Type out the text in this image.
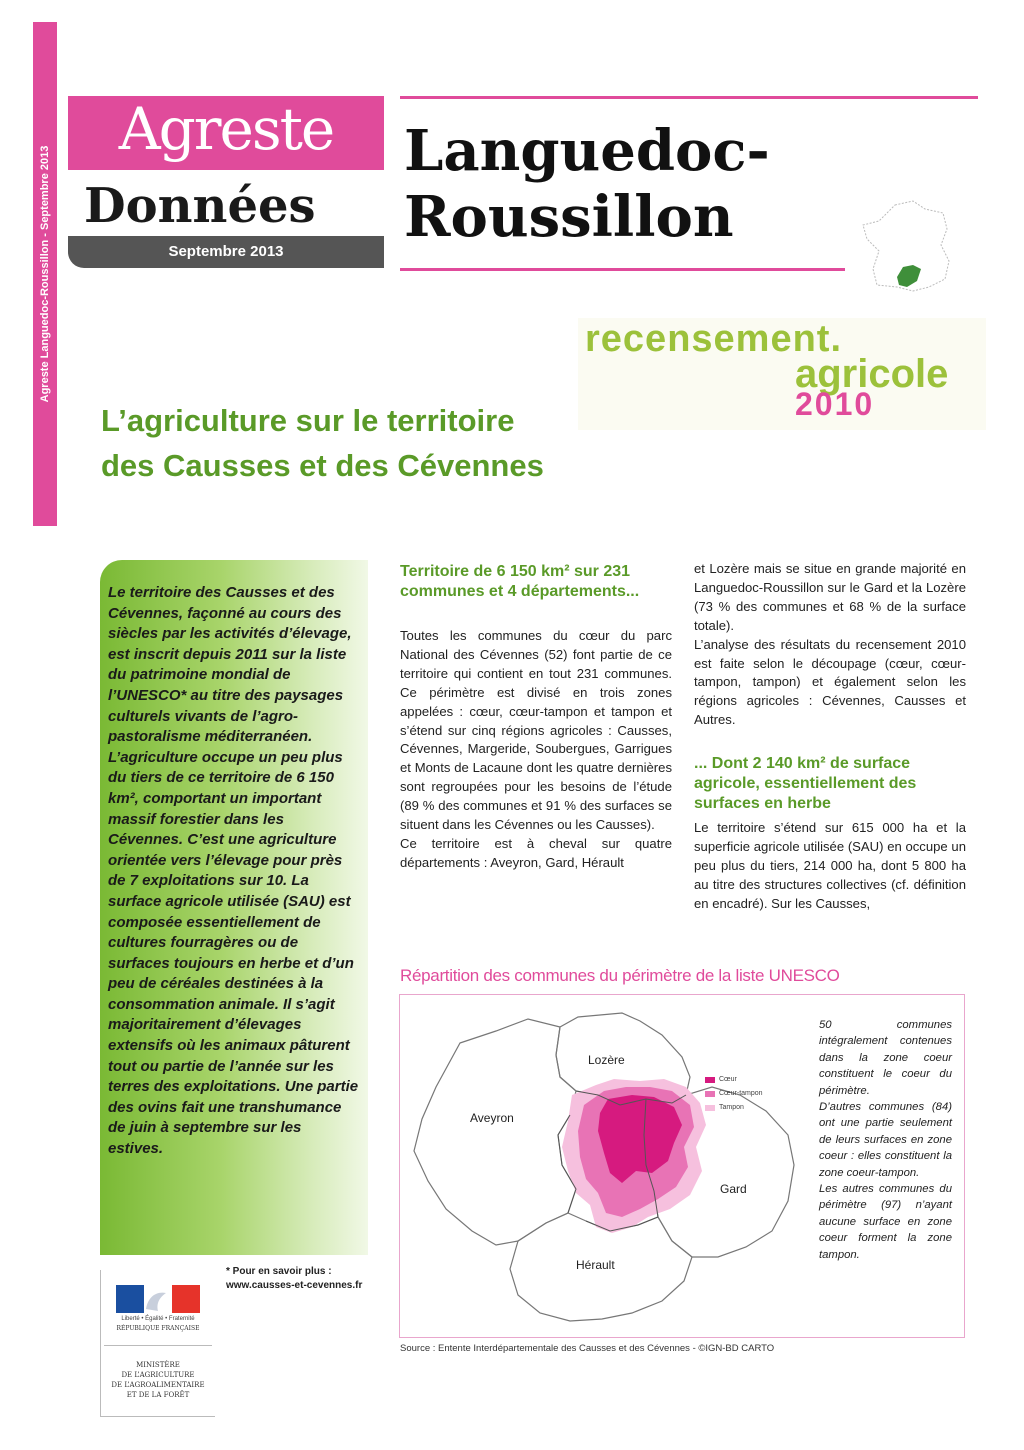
Agreste Languedoc-Roussillon - Septembre 2013
Agreste
Données
Septembre 2013
Languedoc-
Roussillon
recensement.
agricole
2010
L’agriculture sur le territoire
des Causses et des Cévennes

Le territoire des Causses et des Cévennes, façonné au cours des siècles par les activités d’élevage, est inscrit depuis 2011 sur la liste du patrimoine mondial de l’UNESCO* au titre des paysages culturels vivants de l’agro-pastoralisme méditerranéen.

L’agriculture occupe un peu plus du tiers de ce territoire de 6 150 km², comportant un important massif forestier dans les Cévennes. C’est une agriculture orientée vers l’élevage pour près de 7 exploitations sur 10. La surface agricole utilisée (SAU) est composée essentiellement de cultures fourragères ou de surfaces toujours en herbe et d’un peu de céréales destinées à la consommation animale. Il s’agit majoritairement d’élevages extensifs où les animaux pâturent tout ou partie de l’année sur les terres des exploitations. Une partie des ovins fait une transhumance de juin à septembre sur les estives.

* Pour en savoir plus :
www.causses-et-cevennes.fr
Liberté • Égalité • Fraternité
RÉPUBLIQUE FRANÇAISE
MINISTÈRE
DE L’AGRICULTURE
DE L’AGROALIMENTAIRE
ET DE LA FORÊT
Territoire de 6 150 km² sur 231 communes et 4 départements...

Toutes les communes du cœur du parc National des Cévennes (52) font partie de ce territoire qui contient en tout 231 communes. Ce périmètre est divisé en trois zones appelées : cœur, cœur-tampon et tampon et s’étend sur cinq régions agricoles : Causses, Cévennes, Margeride, Soubergues, Garrigues et Monts de Lacaune dont les quatre dernières sont regroupées pour les besoins de l’étude (89 % des communes et 91 % des surfaces se situent dans les Cévennes ou les Causses).

Ce territoire est à cheval sur quatre départements : Aveyron, Gard, Hérault

et Lozère mais se situe en grande majorité en Languedoc-Roussillon sur le Gard et la Lozère (73 % des communes et 68 % de la surface totale).

L’analyse des résultats du recensement 2010 est faite selon le découpage (cœur, cœur-tampon, tampon) et également selon les régions agricoles : Cévennes, Causses et Autres.

... Dont 2 140 km² de surface agricole, essentiellement des surfaces en herbe

Le territoire s’étend sur 615 000 ha et la superficie agricole utilisée (SAU) en occupe un peu plus du tiers, 214 000 ha, dont 5 800 ha au titre des structures collectives (cf. définition en encadré). Sur les Causses,

Répartition des communes du périmètre de la liste UNESCO
Cœur
Cœur-tampon
Tampon
Lozère
Aveyron
Gard
Hérault

50 communes intégralement contenues dans la zone coeur constituent le coeur du périmètre.

D’autres communes (84) ont une partie seulement de leurs surfaces en zone coeur : elles constituent la zone coeur-tampon.

Les autres communes du périmètre (97) n’ayant aucune surface en zone coeur forment la zone tampon.

Source : Entente Interdépartementale des Causses et des Cévennes - ©IGN-BD CARTO
